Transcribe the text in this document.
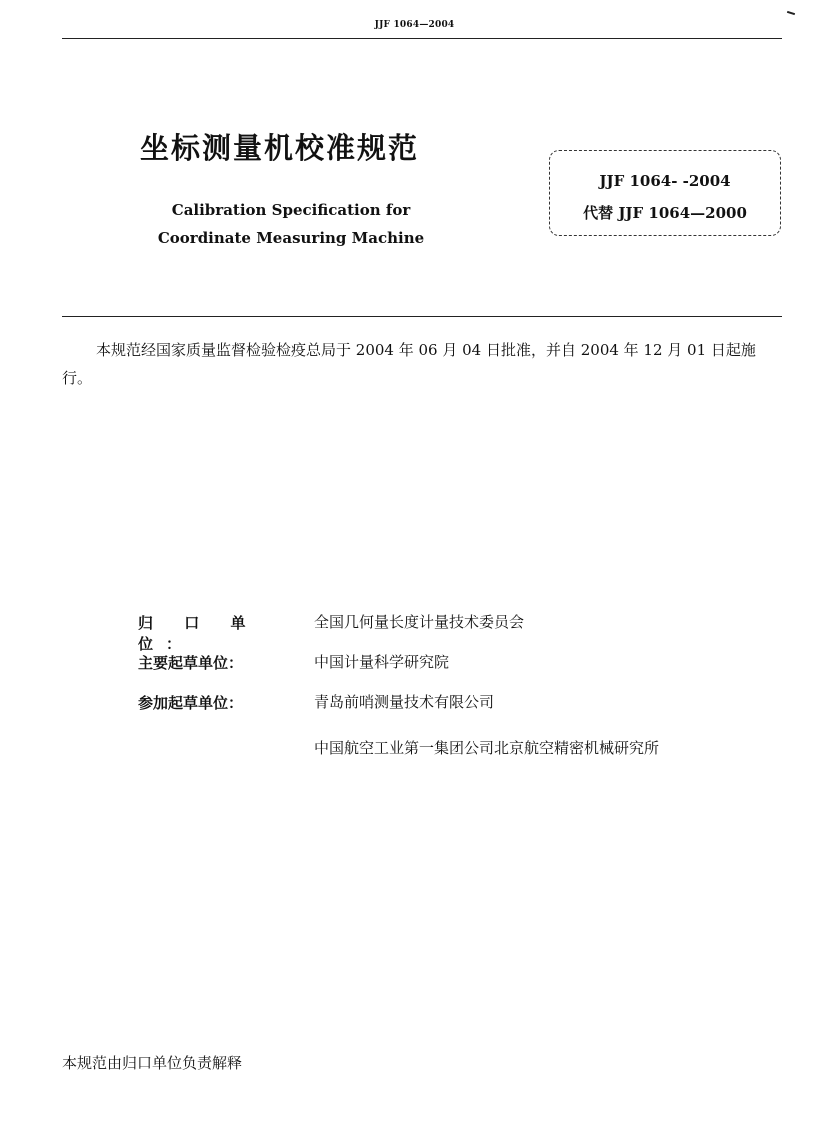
JJF 1064—2004
坐标测量机校准规范
Calibration Specification for
Coordinate Measuring Machine
JJF 1064- -2004
代替 JJF 1064—2000
本规范经国家质量监督检验检疫总局于 2004 年 06 月 04 日批准，并自 2004 年 12 月 01 日起施行。
归 口 单 位：
全国几何量长度计量技术委员会
主要起草单位：	中国计量科学研究院
参加起草单位：	青岛前哨测量技术有限公司
中国航空工业第一集团公司北京航空精密机械研究所
本规范由归口单位负责解释
